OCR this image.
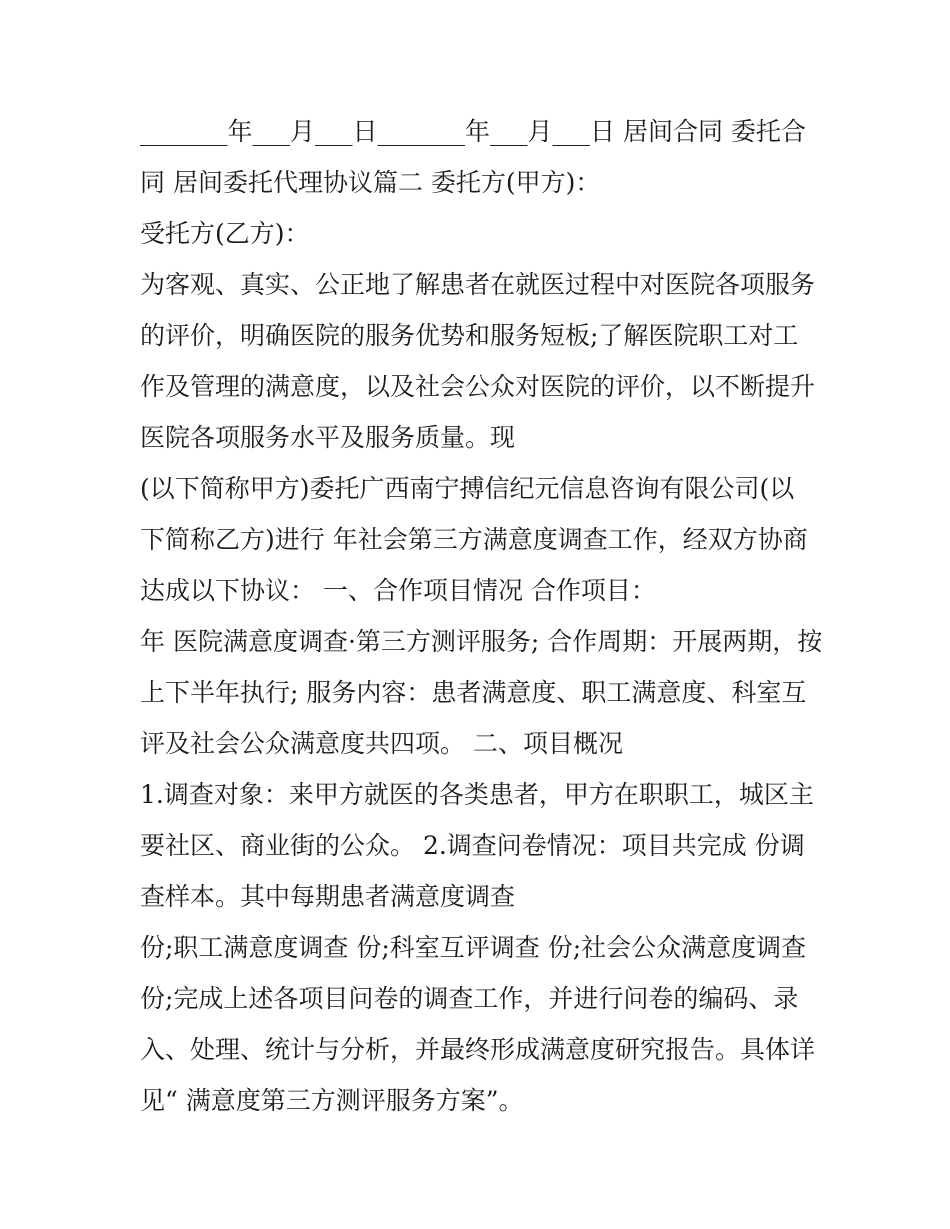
_______年___月___日_______年___月___日 居间合同 委托合
同 居间委托代理协议篇二 委托方(甲方)：
受托方(乙方)：
为客观、真实、公正地了解患者在就医过程中对医院各项服务
的评价，明确医院的服务优势和服务短板;了解医院职工对工
作及管理的满意度，以及社会公众对医院的评价，以不断提升
医院各项服务水平及服务质量。现
(以下简称甲方)委托广西南宁搏信纪元信息咨询有限公司(以
下简称乙方)进行 年社会第三方满意度调查工作，经双方协商
达成以下协议： 一、合作项目情况 合作项目：
年 医院满意度调查·第三方测评服务; 合作周期：开展两期，按
上下半年执行; 服务内容：患者满意度、职工满意度、科室互
评及社会公众满意度共四项。 二、项目概况
1.调查对象：来甲方就医的各类患者，甲方在职职工，城区主
要社区、商业街的公众。 2.调查问卷情况：项目共完成 份调
查样本。其中每期患者满意度调查
份;职工满意度调查 份;科室互评调查 份;社会公众满意度调查
份;完成上述各项目问卷的调查工作，并进行问卷的编码、录
入、处理、统计与分析，并最终形成满意度研究报告。具体详
见“ 满意度第三方测评服务方案”。
